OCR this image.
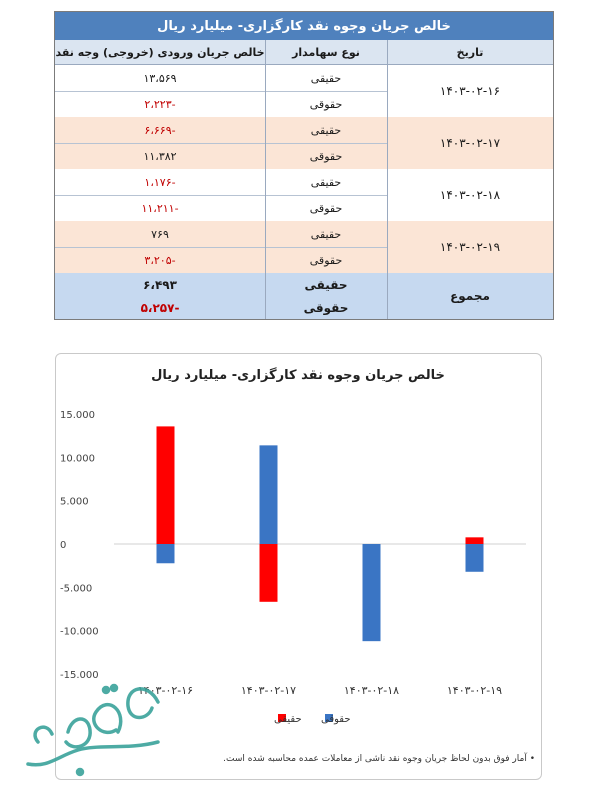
خالص جریان وجوه نقد کارگزاری- میلیارد ریال
خالص جریان ورودی (خروجی) وجه نقد	نوع سهامدار	تاریخ
۱۳،۵۶۹	حقیقی
-۲،۲۲۳	حقوقی
۱۴۰۳-۰۲-۱۶
-۶،۶۶۹	حقیقی
۱۱،۳۸۲	حقوقی
۱۴۰۳-۰۲-۱۷
-۱،۱۷۶	حقیقی
-۱۱،۲۱۱	حقوقی
۱۴۰۳-۰۲-۱۸
۷۶۹	حقیقی
-۳،۲۰۵	حقوقی
۱۴۰۳-۰۲-۱۹
۶،۴۹۳	حقیقی
-۵،۲۵۷	حقوقی
مجموع
خالص جریان وجوه نقد کارگزاری- میلیارد ریال
15.000
10.000
5.000
0
-5.000
-10.000
-15.000
۱۴۰۳-۰۲-۱۶	۱۴۰۳-۰۲-۱۷	۱۴۰۳-۰۲-۱۸	۱۴۰۳-۰۲-۱۹
حقیقی حقوقی
• آمار فوق بدون لحاظ جریان وجوه نقد ناشی از معاملات عمده محاسبه شده است.
